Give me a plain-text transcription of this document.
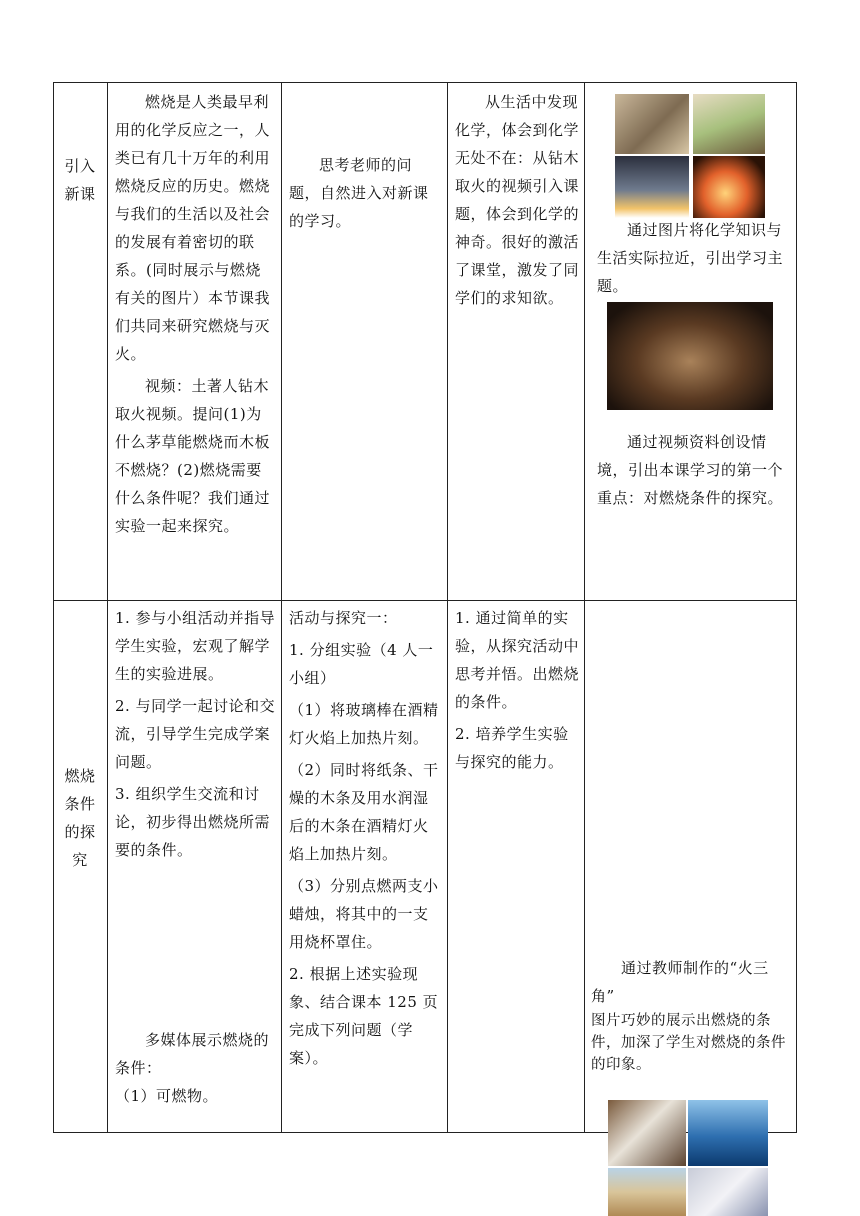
引入新课

燃烧是人类最早利用的化学反应之一，人类已有几十万年的利用燃烧反应的历史。燃烧与我们的生活以及社会的发展有着密切的联系。(同时展示与燃烧有关的图片）本节课我们共同来研究燃烧与灭火。

视频：土著人钻木取火视频。提问(1)为什么茅草能燃烧而木板不燃烧？(2)燃烧需要什么条件呢？我们通过实验一起来探究。

思考老师的问题，自然进入对新课的学习。

从生活中发现化学，体会到化学无处不在：从钻木取火的视频引入课题，体会到化学的神奇。很好的激活了课堂，激发了同学们的求知欲。

通过图片将化学知识与生活实际拉近，引出学习主题。

通过视频资料创设情境，引出本课学习的第一个重点：对燃烧条件的探究。

燃烧条件的探究

1. 参与小组活动并指导学生实验，宏观了解学生的实验进展。

2. 与同学一起讨论和交流，引导学生完成学案问题。

3. 组织学生交流和讨论，初步得出燃烧所需要的条件。

多媒体展示燃烧的条件：

（1）可燃物。

活动与探究一：

1. 分组实验（4 人一小组）

（1）将玻璃棒在酒精灯火焰上加热片刻。

（2）同时将纸条、干燥的木条及用水润湿后的木条在酒精灯火焰上加热片刻。

（3）分别点燃两支小蜡烛，将其中的一支用烧杯罩住。

2. 根据上述实验现象、结合课本 125 页完成下列问题（学案）。

1. 通过简单的实验，从探究活动中思考并悟。出燃烧的条件。

2. 培养学生实验与探究的能力。

通过教师制作的“火三角”

图片巧妙的展示出燃烧的条件，加深了学生对燃烧的条件的印象。
